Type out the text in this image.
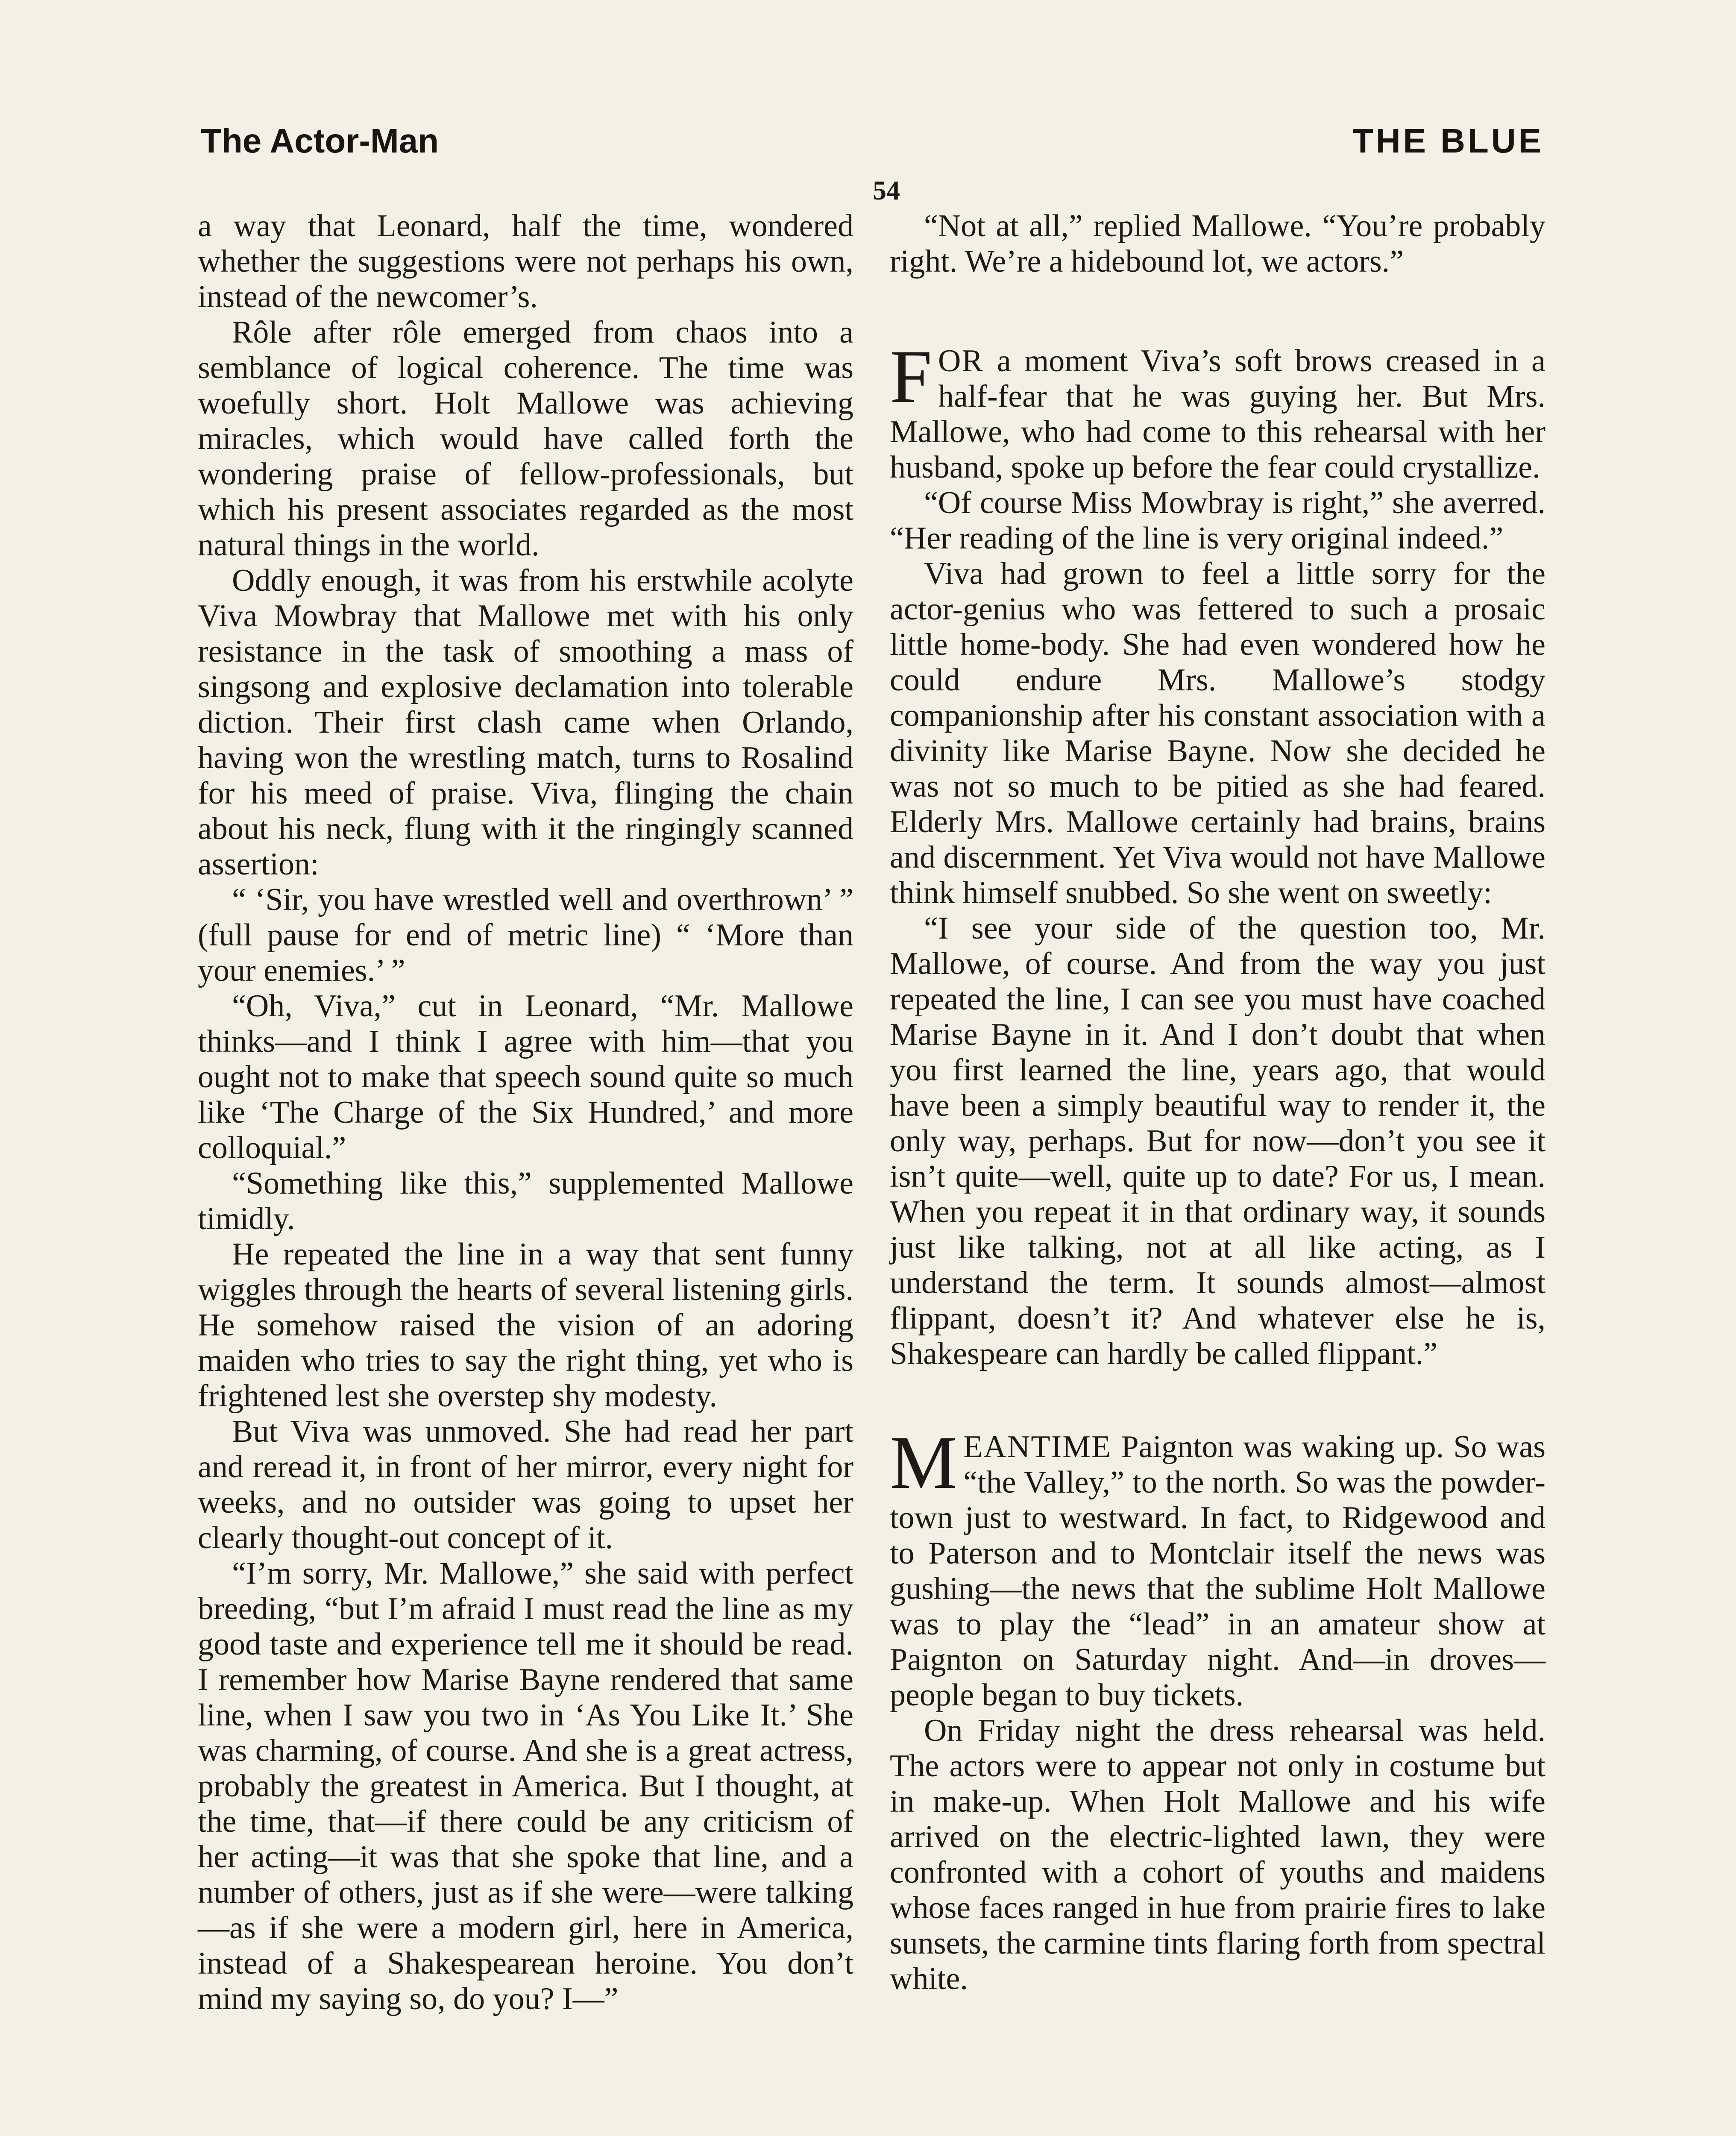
The Actor-Man	THE BLUE
54

a way that Leonard, half the time, wondered whether the suggestions were not perhaps his own, instead of the newcomer’s.

Rôle after rôle emerged from chaos into a semblance of logical coherence. The time was woefully short. Holt Mallowe was achieving miracles, which would have called forth the wondering praise of fellow-professionals, but which his present associates regarded as the most natural things in the world.

Oddly enough, it was from his erstwhile acolyte Viva Mowbray that Mallowe met with his only resistance in the task of smoothing a mass of singsong and explosive declamation into tolerable diction. Their first clash came when Orlando, having won the wrestling match, turns to Rosalind for his meed of praise. Viva, flinging the chain about his neck, flung with it the ringingly scanned assertion:

“ ‘Sir, you have wrestled well and overthrown’ ” (full pause for end of metric line) “ ‘More than your enemies.’ ”

“Oh, Viva,” cut in Leonard, “Mr. Mallowe thinks—and I think I agree with him—that you ought not to make that speech sound quite so much like ‘The Charge of the Six Hundred,’ and more colloquial.”

“Something like this,” supplemented Mallowe timidly.

He repeated the line in a way that sent funny wiggles through the hearts of several listening girls. He somehow raised the vision of an adoring maiden who tries to say the right thing, yet who is frightened lest she overstep shy modesty.

But Viva was unmoved. She had read her part and reread it, in front of her mirror, every night for weeks, and no outsider was going to upset her clearly thought-out concept of it.

“I’m sorry, Mr. Mallowe,” she said with perfect breeding, “but I’m afraid I must read the line as my good taste and experience tell me it should be read. I remember how Marise Bayne rendered that same line, when I saw you two in ‘As You Like It.’ She was charming, of course. And she is a great actress, probably the greatest in America. But I thought, at the time, that—if there could be any criticism of her acting—it was that she spoke that line, and a number of others, just as if she were—were talking—as if she were a modern girl, here in America, instead of a Shakespearean heroine. You don’t mind my saying so, do you? I—”

“Not at all,” replied Mallowe. “You’re probably right. We’re a hidebound lot, we actors.”

FOR a moment Viva’s soft brows creased in a half-fear that he was guying her. But Mrs. Mallowe, who had come to this rehearsal with her husband, spoke up before the fear could crystallize.

“Of course Miss Mowbray is right,” she averred. “Her reading of the line is very original indeed.”

Viva had grown to feel a little sorry for the actor-genius who was fettered to such a prosaic little home-body. She had even wondered how he could endure Mrs. Mallowe’s stodgy companionship after his constant association with a divinity like Marise Bayne. Now she decided he was not so much to be pitied as she had feared. Elderly Mrs. Mallowe certainly had brains, brains and discernment. Yet Viva would not have Mallowe think himself snubbed. So she went on sweetly:

“I see your side of the question too, Mr. Mallowe, of course. And from the way you just repeated the line, I can see you must have coached Marise Bayne in it. And I don’t doubt that when you first learned the line, years ago, that would have been a simply beautiful way to render it, the only way, perhaps. But for now—don’t you see it isn’t quite—well, quite up to date? For us, I mean. When you repeat it in that ordinary way, it sounds just like talking, not at all like acting, as I understand the term. It sounds almost—almost flippant, doesn’t it? And whatever else he is, Shakespeare can hardly be called flippant.”

MEANTIME Paignton was waking up. So was “the Valley,” to the north. So was the powder-town just to westward. In fact, to Ridgewood and to Paterson and to Montclair itself the news was gushing—the news that the sublime Holt Mallowe was to play the “lead” in an amateur show at Paignton on Saturday night. And—in droves—people began to buy tickets.

On Friday night the dress rehearsal was held. The actors were to appear not only in costume but in make-up. When Holt Mallowe and his wife arrived on the electric-lighted lawn, they were confronted with a cohort of youths and maidens whose faces ranged in hue from prairie fires to lake sunsets, the carmine tints flaring forth from spectral white.
